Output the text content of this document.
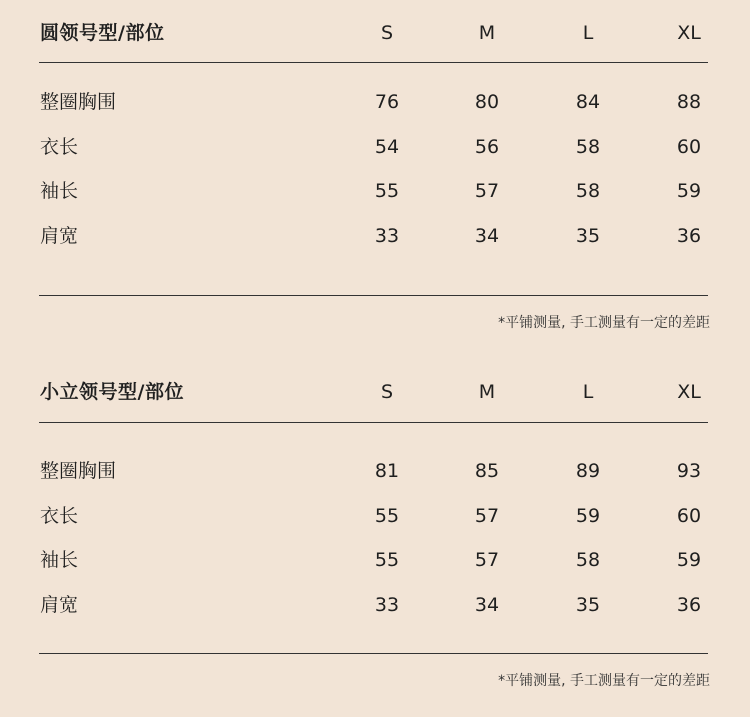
圆领号型/部位	S	M	L	XL
整圈胸围	76	80	84	88
衣长	54	56	58	60
袖长	55	57	58	59
肩宽	33	34	35	36
*平铺测量, 手工测量有一定的差距
小立领号型/部位	S	M	L	XL
整圈胸围	81	85	89	93
衣长	55	57	59	60
袖长	55	57	58	59
肩宽	33	34	35	36
*平铺测量, 手工测量有一定的差距
